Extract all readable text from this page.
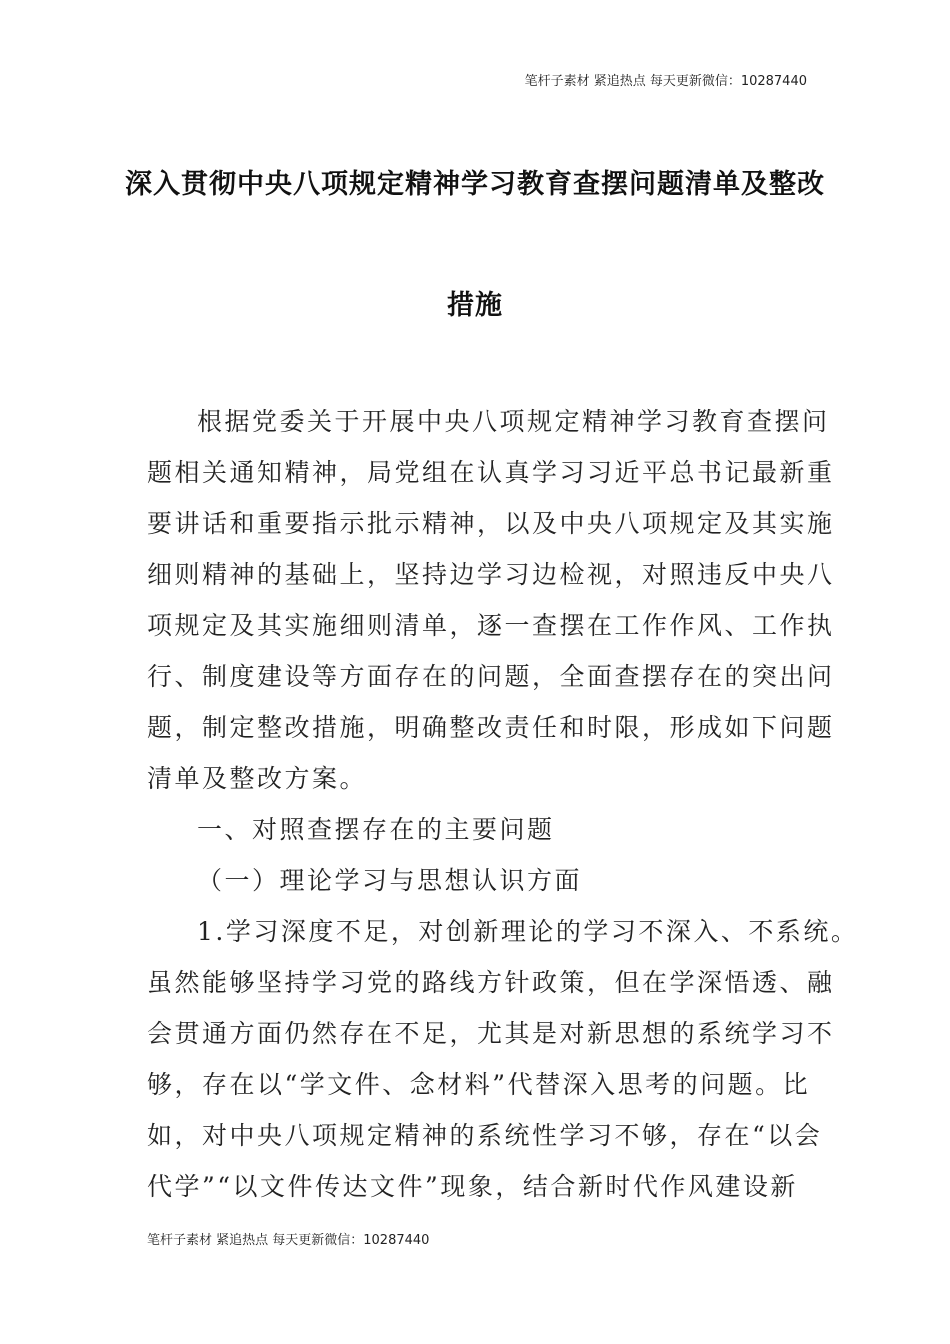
笔杆子素材 紧追热点 每天更新微信：10287440
深入贯彻中央八项规定精神学习教育查摆问题清单及整改
措施
根据党委关于开展中央八项规定精神学习教育查摆问
题相关通知精神，局党组在认真学习习近平总书记最新重
要讲话和重要指示批示精神，以及中央八项规定及其实施
细则精神的基础上，坚持边学习边检视，对照违反中央八
项规定及其实施细则清单，逐一查摆在工作作风、工作执
行、制度建设等方面存在的问题，全面查摆存在的突出问
题，制定整改措施，明确整改责任和时限，形成如下问题
清单及整改方案。
一、对照查摆存在的主要问题
（一）理论学习与思想认识方面
1.学习深度不足，对创新理论的学习不深入、不系统。
虽然能够坚持学习党的路线方针政策，但在学深悟透、融
会贯通方面仍然存在不足，尤其是对新思想的系统学习不
够，存在以“学文件、念材料”代替深入思考的问题。比
如，对中央八项规定精神的系统性学习不够，存在“以会
代学”“以文件传达文件”现象，结合新时代作风建设新
笔杆子素材 紧追热点 每天更新微信：10287440
